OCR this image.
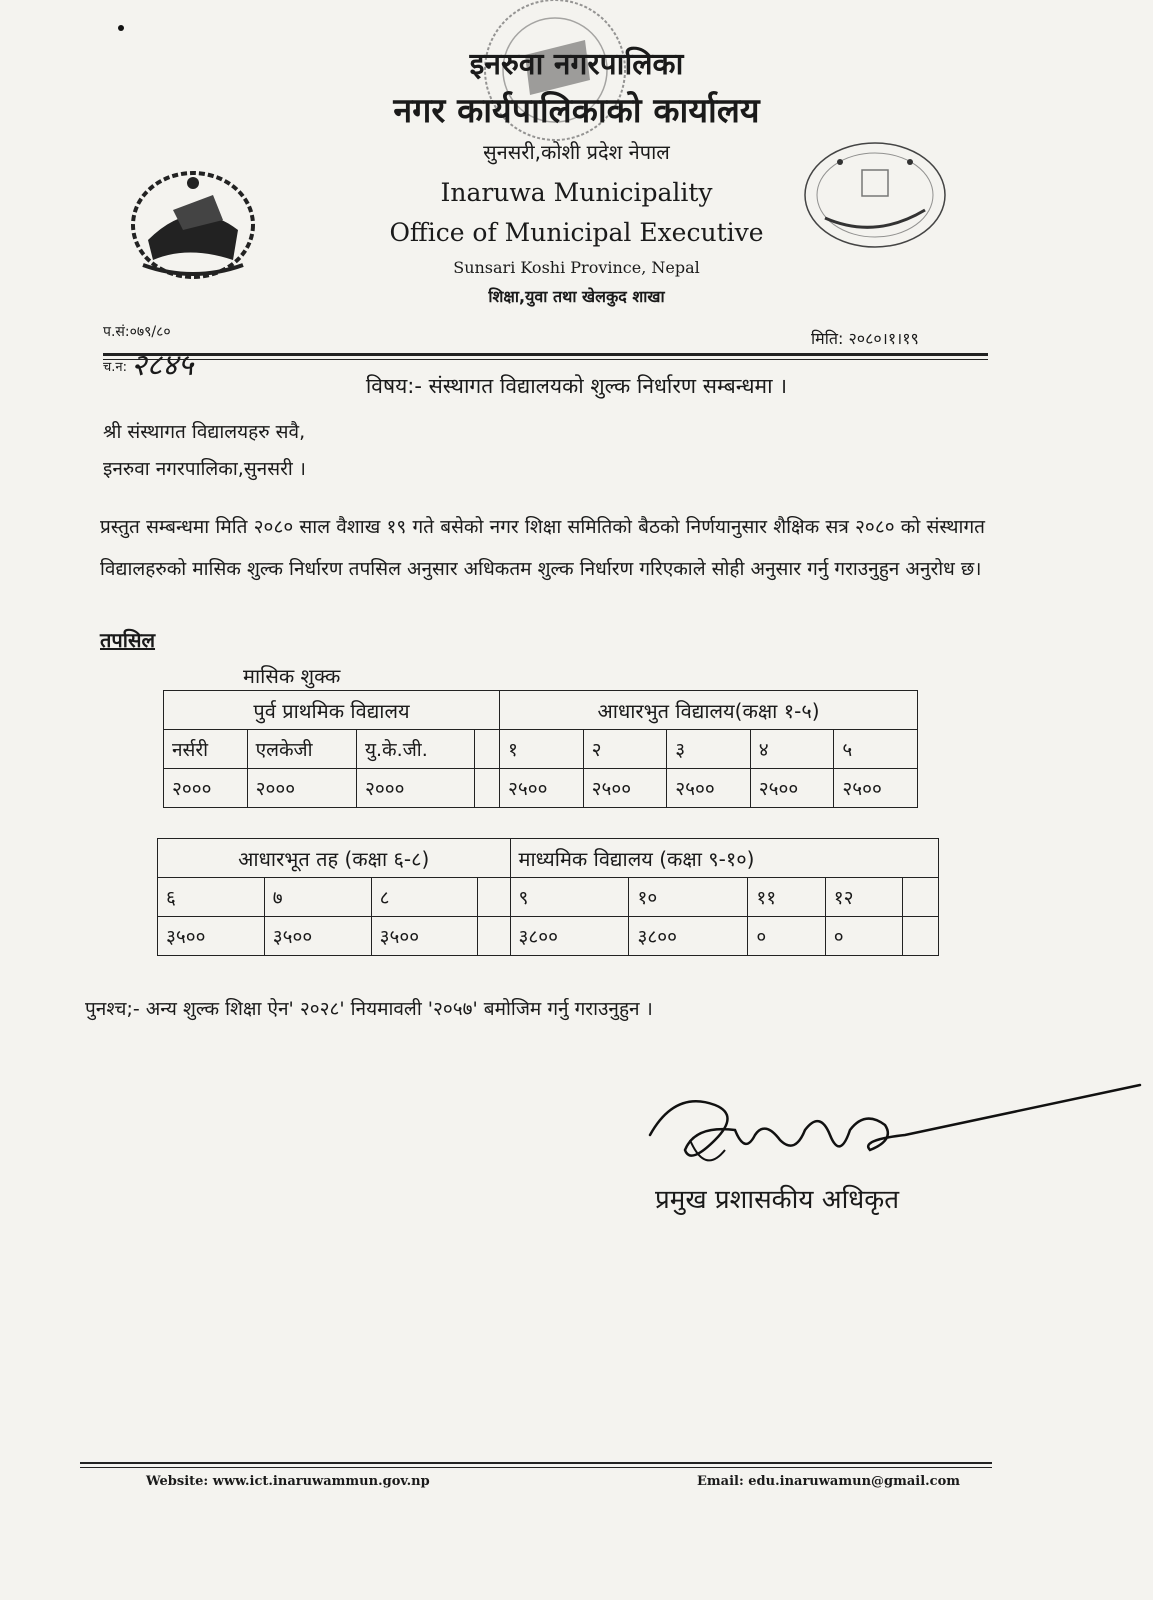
इनरुवा नगरपालिका
नगर कार्यपालिकाको कार्यालय
सुनसरी,कोशी प्रदेश नेपाल
Inaruwa Municipality
Office of Municipal Executive
Sunsari Koshi Province, Nepal
शिक्षा,युवा तथा खेलकुद शाखा
प.सं:०७९/८०
च.न: २८४५
मिति: २०८०।१।१९
विषय:- संस्थागत विद्यालयको शुल्क निर्धारण सम्बन्धमा ।
श्री संस्थागत विद्यालयहरु सवै,
इनरुवा नगरपालिका,सुनसरी ।
प्रस्तुत सम्बन्धमा मिति २०८० साल वैशाख १९ गते बसेको नगर शिक्षा समितिको बैठको निर्णयानुसार शैक्षिक सत्र २०८० को संस्थागत विद्यालहरुको मासिक शुल्क निर्धारण तपसिल अनुसार अधिकतम शुल्क निर्धारण गरिएकाले सोही अनुसार गर्नु गराउनुहुन अनुरोध छ।
तपसिल
मासिक शुक्क
पुर्व प्राथमिक विद्यालय				आधारभुत विद्यालय(कक्षा १-५)				
नर्सरी	एलकेजी	यु.के.जी.		१	२	३	४	५
२०००	२०००	२०००		२५००	२५००	२५००	२५००	२५००
आधारभूत तह (कक्षा ६-८)				माध्यमिक विद्यालय (कक्षा ९-१०)				
६	७	८		९	१०	११	१२	
३५००	३५००	३५००		३८००	३८००	०	०	
पुनश्च;- अन्य शुल्क शिक्षा ऐन' २०२८' नियमावली '२०५७' बमोजिम गर्नु गराउनुहुन ।
प्रमुख प्रशासकीय अधिकृत
Website: www.ict.inaruwammun.gov.np	Email: edu.inaruwamun@gmail.com
